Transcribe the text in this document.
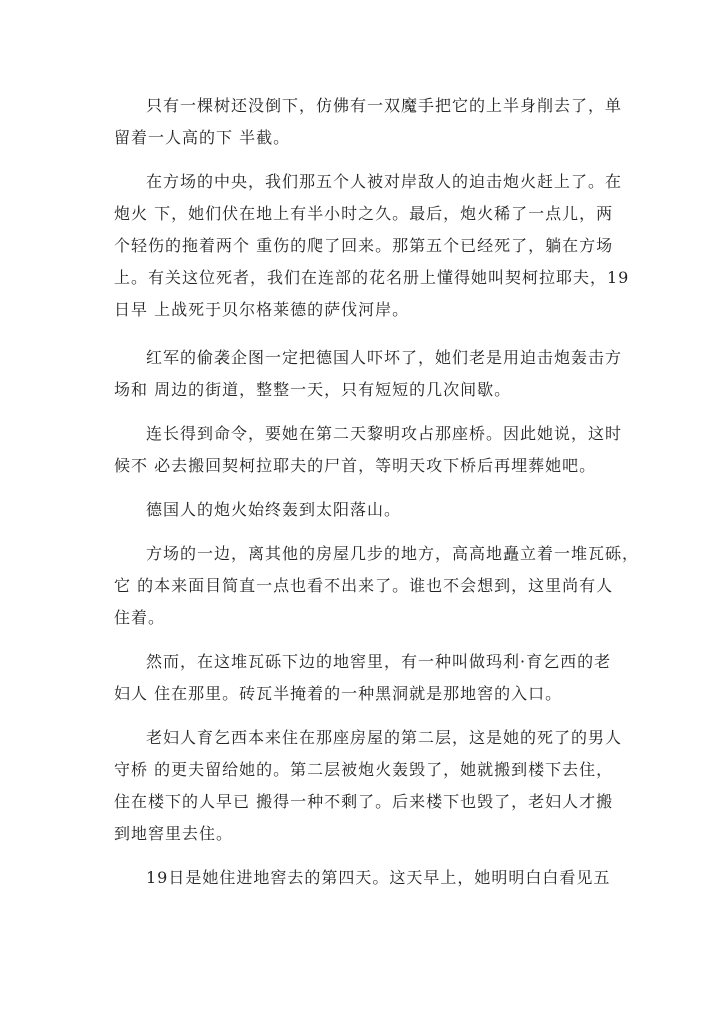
只有一棵树还没倒下，仿佛有一双魔手把它的上半身削去了，单
留着一人高的下 半截。
在方场的中央，我们那五个人被对岸敌人的迫击炮火赶上了。在
炮火 下，她们伏在地上有半小时之久。最后，炮火稀了一点儿，两
个轻伤的拖着两个 重伤的爬了回来。那第五个已经死了，躺在方场
上。有关这位死者，我们在连部的花名册上懂得她叫契柯拉耶夫，19
日早 上战死于贝尔格莱德的萨伐河岸。
红军的偷袭企图一定把德国人吓坏了，她们老是用迫击炮轰击方
场和 周边的街道，整整一天，只有短短的几次间歇。
连长得到命令，要她在第二天黎明攻占那座桥。因此她说，这时
候不 必去搬回契柯拉耶夫的尸首，等明天攻下桥后再埋葬她吧。
德国人的炮火始终轰到太阳落山。
方场的一边，离其他的房屋几步的地方，高高地矗立着一堆瓦砾，
它 的本来面目简直一点也看不出来了。谁也不会想到，这里尚有人
住着。
然而，在这堆瓦砾下边的地窖里，有一种叫做玛利·育乞西的老
妇人 住在那里。砖瓦半掩着的一种黑洞就是那地窖的入口。
老妇人育乞西本来住在那座房屋的第二层，这是她的死了的男人
守桥 的更夫留给她的。第二层被炮火轰毁了，她就搬到楼下去住，
住在楼下的人早已 搬得一种不剩了。后来楼下也毁了，老妇人才搬
到地窖里去住。
19日是她住进地窖去的第四天。这天早上，她明明白白看见五
